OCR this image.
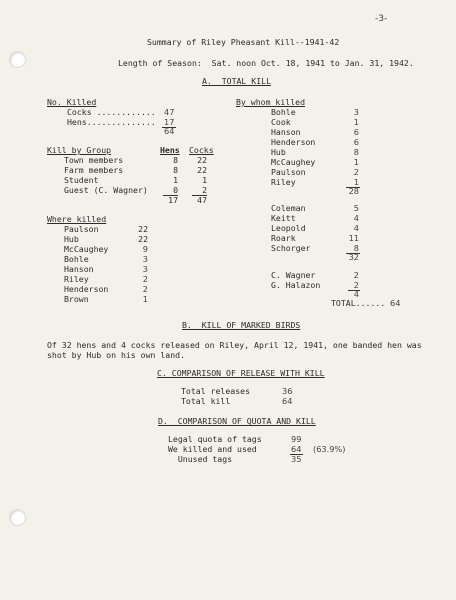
-3-
Summary of Riley Pheasant Kill--1941-42
Length of Season:  Sat. noon Oct. 18, 1941 to Jan. 31, 1942.
A.  TOTAL KILL
No. Killed
Cocks ............ 47
Hens.............. 17
64
Kill by Group	Hens Cocks
Town members	8	22
Farm members	8	22
Student	1	1
Guest (C. Wagner)	0	2
17	47
Where killed
Paulson	22
Hub	22
McCaughey	9
Bohle	3
Hanson	3
Riley	2
Henderson	2
Brown	1
By whom killed
Bohle	3
Cook	1
Hanson	6
Henderson	6
Hub	8
McCaughey	1
Paulson	2
Riley	1
28
Coleman	5
Keitt	4
Leopold	4
Roark	11
Schorger	8
32
C. Wagner	2
G. Halazon	2
4
TOTAL...... 64
B.  KILL OF MARKED BIRDS
Of 32 hens and 4 cocks released on Riley, April 12, 1941, one banded hen was
shot by Hub on his own land.
C. COMPARISON OF RELEASE WITH KILL
Total releases	36
Total kill	64
D.  COMPARISON OF QUOTA AND KILL
Legal quota of tags	99
We killed and used	64 (63.9%)
Unused tags	35
